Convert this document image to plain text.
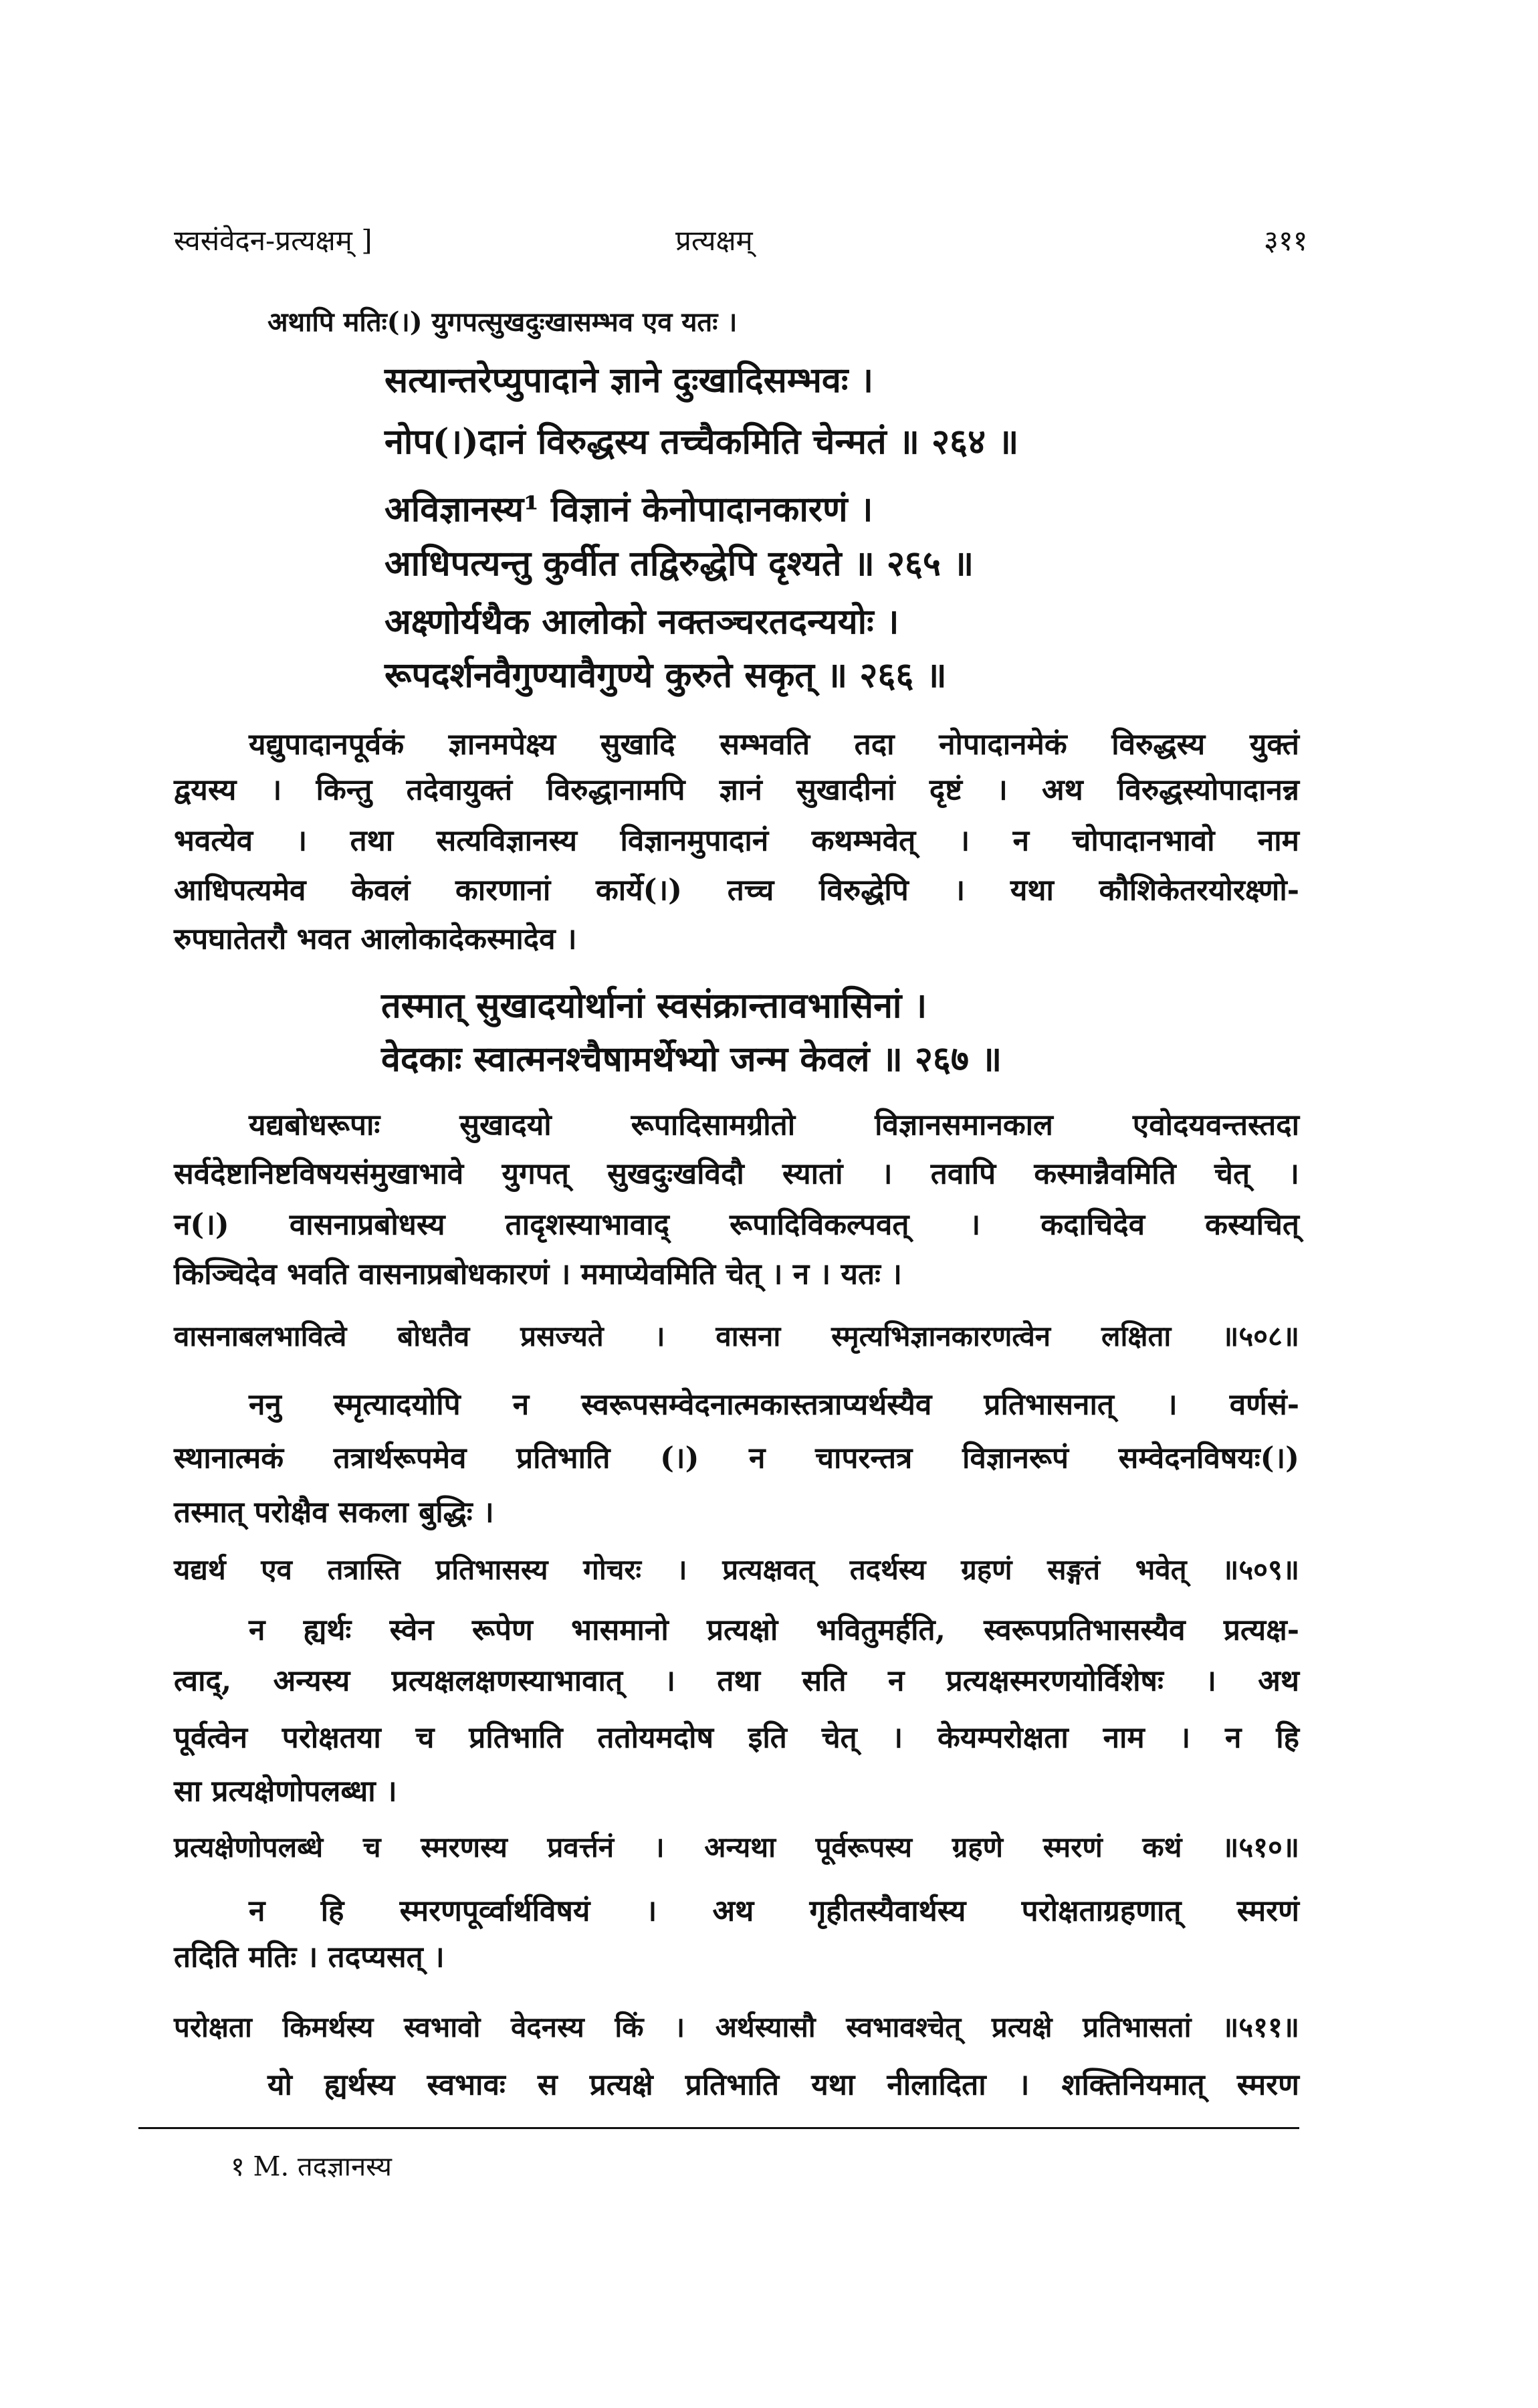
स्वसंवेदन-प्रत्यक्षम् ]	प्रत्यक्षम्	३११
अथापि मतिः(।) युगपत्सुखदुःखासम्भव एव यतः ।
सत्यान्तरेप्युपादाने ज्ञाने दुःखादिसम्भवः ।
नोप(।)दानं विरुद्धस्य तच्चैकमिति चेन्मतं ॥ २६४ ॥
अविज्ञानस्य¹ विज्ञानं केनोपादानकारणं ।
आधिपत्यन्तु कुर्वीत तद्विरुद्धेपि दृश्यते ॥ २६५ ॥
अक्ष्णोर्यथैक आलोको नक्तञ्चरतदन्ययोः ।
रूपदर्शनवैगुण्यावैगुण्ये कुरुते सकृत् ॥ २६६ ॥
यद्युपादानपूर्वकं ज्ञानमपेक्ष्य सुखादि सम्भवति तदा नोपादानमेकं विरुद्धस्य युक्तं
द्वयस्य । किन्तु तदेवायुक्तं विरुद्धानामपि ज्ञानं सुखादीनां दृष्टं । अथ विरुद्धस्योपादानन्न
भवत्येव । तथा सत्यविज्ञानस्य विज्ञानमुपादानं कथम्भवेत् । न चोपादानभावो नाम
आधिपत्यमेव केवलं कारणानां कार्ये(।) तच्च विरुद्धेपि । यथा कौशिकेतरयोरक्ष्णो-
रुपघातेतरौ भवत आलोकादेकस्मादेव ।
तस्मात् सुखादयोर्थानां स्वसंक्रान्तावभासिनां ।
वेदकाः स्वात्मनश्चैषामर्थेभ्यो जन्म केवलं ॥ २६७ ॥
यद्यबोधरूपाः सुखादयो रूपादिसामग्रीतो विज्ञानसमानकाल एवोदयवन्तस्तदा
सर्वदेष्टानिष्टविषयसंमुखाभावे युगपत् सुखदुःखविदौ स्यातां । तवापि कस्मान्नैवमिति चेत् ।
न(।) वासनाप्रबोधस्य तादृशस्याभावाद् रूपादिविकल्पवत् । कदाचिदेव कस्यचित्
किञ्चिदेव भवति वासनाप्रबोधकारणं । ममाप्येवमिति चेत् । न । यतः ।
वासनाबलभावित्वे बोधतैव प्रसज्यते । वासना स्मृत्यभिज्ञानकारणत्वेन लक्षिता ॥५०८॥
ननु स्मृत्यादयोपि न स्वरूपसम्वेदनात्मकास्तत्राप्यर्थस्यैव प्रतिभासनात् । वर्णसं-
स्थानात्मकं तत्रार्थरूपमेव प्रतिभाति (।) न चापरन्तत्र विज्ञानरूपं सम्वेदनविषयः(।)
तस्मात् परोक्षैव सकला बुद्धिः ।
यद्यर्थ एव तत्रास्ति प्रतिभासस्य गोचरः । प्रत्यक्षवत् तदर्थस्य ग्रहणं सङ्गतं भवेत् ॥५०९॥
न ह्यर्थः स्वेन रूपेण भासमानो प्रत्यक्षो भवितुमर्हति, स्वरूपप्रतिभासस्यैव प्रत्यक्ष-
त्वाद्, अन्यस्य प्रत्यक्षलक्षणस्याभावात् । तथा सति न प्रत्यक्षस्मरणयोर्विशेषः । अथ
पूर्वत्वेन परोक्षतया च प्रतिभाति ततोयमदोष इति चेत् । केयम्परोक्षता नाम । न हि
सा प्रत्यक्षेणोपलब्धा ।
प्रत्यक्षेणोपलब्धे च स्मरणस्य प्रवर्त्तनं । अन्यथा पूर्वरूपस्य ग्रहणे स्मरणं कथं ॥५१०॥
न हि स्मरणपूर्व्वार्थविषयं । अथ गृहीतस्यैवार्थस्य परोक्षताग्रहणात् स्मरणं
तदिति मतिः । तदप्यसत् ।
परोक्षता किमर्थस्य स्वभावो वेदनस्य किं । अर्थस्यासौ स्वभावश्चेत् प्रत्यक्षे प्रतिभासतां ॥५११॥
यो ह्यर्थस्य स्वभावः स प्रत्यक्षे प्रतिभाति यथा नीलादिता । शक्तिनियमात् स्मरण
१ M. तदज्ञानस्य
